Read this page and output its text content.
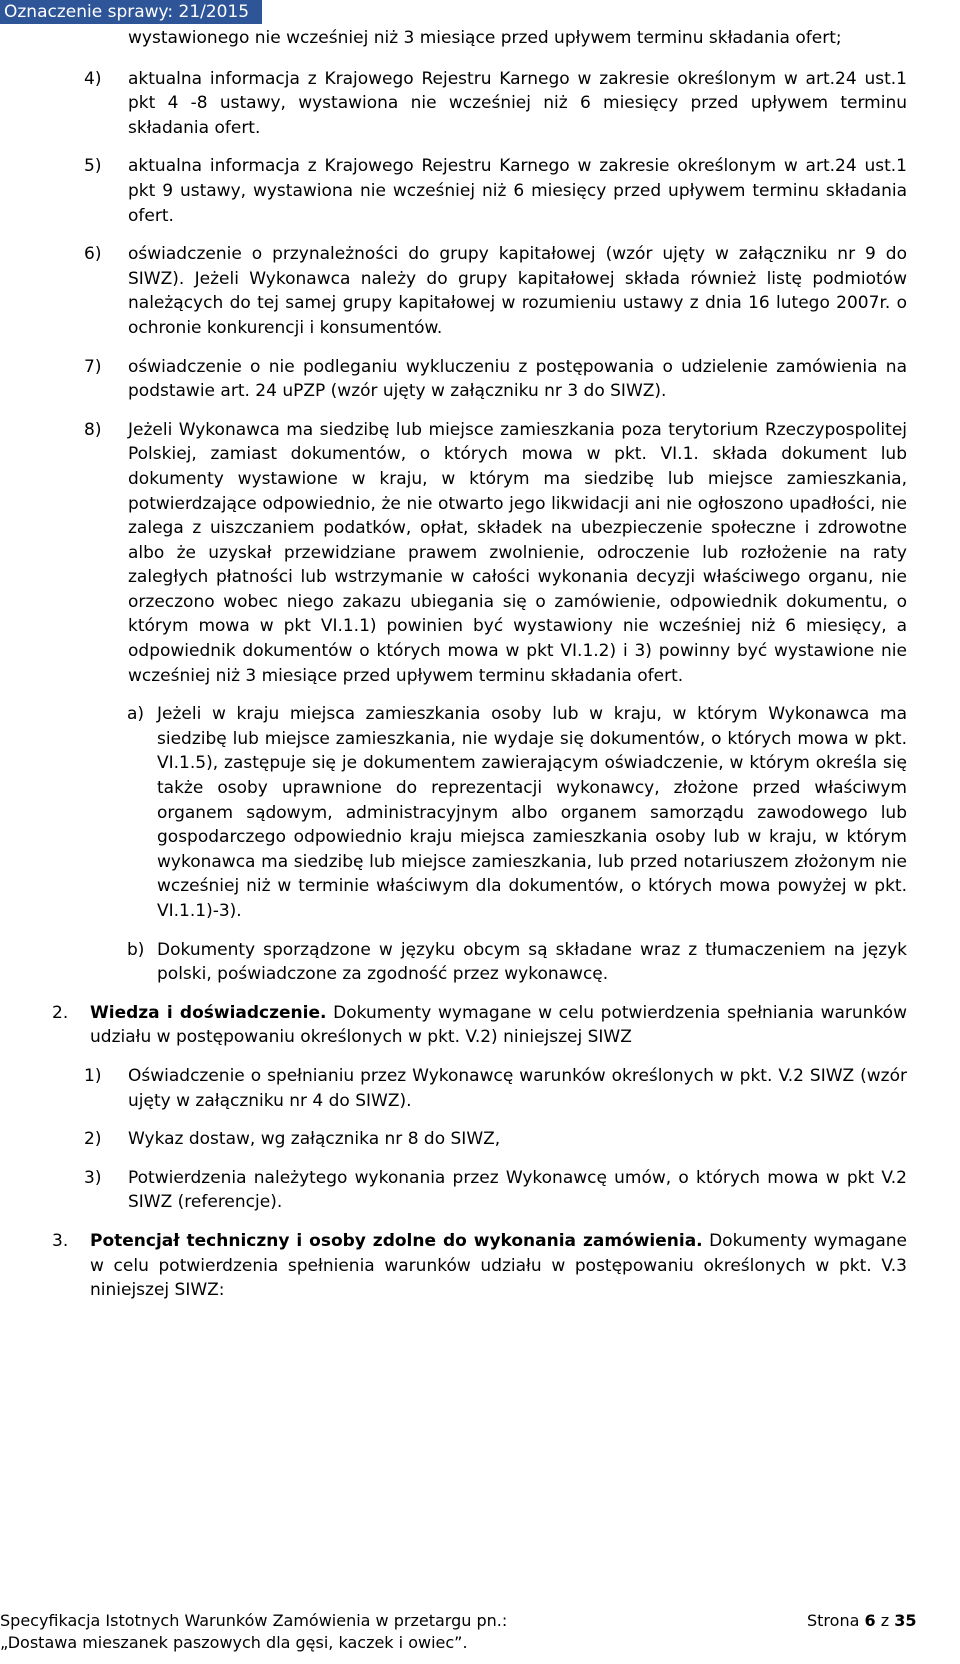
Oznaczenie sprawy: 21/2015

wystawionego nie wcześniej niż 3 miesiące przed upływem terminu składania ofert;

4) aktualna informacja z Krajowego Rejestru Karnego w zakresie określonym w art.24 ust.1 pkt 4 -8 ustawy, wystawiona nie wcześniej niż 6 miesięcy przed upływem terminu składania ofert.

5) aktualna informacja z Krajowego Rejestru Karnego w zakresie określonym w art.24 ust.1 pkt 9 ustawy, wystawiona nie wcześniej niż 6 miesięcy przed upływem terminu składania ofert.

6) oświadczenie o przynależności do grupy kapitałowej (wzór ujęty w załączniku nr 9 do SIWZ). Jeżeli Wykonawca należy do grupy kapitałowej składa również listę podmiotów należących do tej samej grupy kapitałowej w rozumieniu ustawy z dnia 16 lutego 2007r. o ochronie konkurencji i konsumentów.

7) oświadczenie o nie podleganiu wykluczeniu z postępowania o udzielenie zamówienia na podstawie art. 24 uPZP (wzór ujęty w załączniku nr 3 do SIWZ).

8) Jeżeli Wykonawca ma siedzibę lub miejsce zamieszkania poza terytorium Rzeczypospolitej Polskiej, zamiast dokumentów, o których mowa w pkt. VI.1. składa dokument lub dokumenty wystawione w kraju, w którym ma siedzibę lub miejsce zamieszkania, potwierdzające odpowiednio, że nie otwarto jego likwidacji ani nie ogłoszono upadłości, nie zalega z uiszczaniem podatków, opłat, składek na ubezpieczenie społeczne i zdrowotne albo że uzyskał przewidziane prawem zwolnienie, odroczenie lub rozłożenie na raty zaległych płatności lub wstrzymanie w całości wykonania decyzji właściwego organu, nie orzeczono wobec niego zakazu ubiegania się o zamówienie, odpowiednik dokumentu, o którym mowa w pkt VI.1.1) powinien być wystawiony nie wcześniej niż 6 miesięcy, a odpowiednik dokumentów o których mowa w pkt VI.1.2) i 3) powinny być wystawione nie wcześniej niż 3 miesiące przed upływem terminu składania ofert.

a) Jeżeli w kraju miejsca zamieszkania osoby lub w kraju, w którym Wykonawca ma siedzibę lub miejsce zamieszkania, nie wydaje się dokumentów, o których mowa w pkt. VI.1.5), zastępuje się je dokumentem zawierającym oświadczenie, w którym określa się także osoby uprawnione do reprezentacji wykonawcy, złożone przed właściwym organem sądowym, administracyjnym albo organem samorządu zawodowego lub gospodarczego odpowiednio kraju miejsca zamieszkania osoby lub w kraju, w którym wykonawca ma siedzibę lub miejsce zamieszkania, lub przed notariuszem złożonym nie wcześniej niż w terminie właściwym dla dokumentów, o których mowa powyżej w pkt. VI.1.1)-3).

b) Dokumenty sporządzone w języku obcym są składane wraz z tłumaczeniem na język polski, poświadczone za zgodność przez wykonawcę.

2. Wiedza i doświadczenie. Dokumenty wymagane w celu potwierdzenia spełniania warunków udziału w postępowaniu określonych w pkt. V.2) niniejszej SIWZ

1) Oświadczenie o spełnianiu przez Wykonawcę warunków określonych w pkt. V.2 SIWZ (wzór ujęty w załączniku nr 4 do SIWZ).

2) Wykaz dostaw, wg załącznika nr 8 do SIWZ,

3) Potwierdzenia należytego wykonania przez Wykonawcę umów, o których mowa w pkt V.2 SIWZ (referencje).

3. Potencjał techniczny i osoby zdolne do wykonania zamówienia. Dokumenty wymagane w celu potwierdzenia spełnienia warunków udziału w postępowaniu określonych w pkt. V.3 niniejszej SIWZ:

Specyfikacja Istotnych Warunków Zamówienia w przetargu pn.:
„Dostawa mieszanek paszowych dla gęsi, kaczek i owiec”.
Strona 6 z 35
